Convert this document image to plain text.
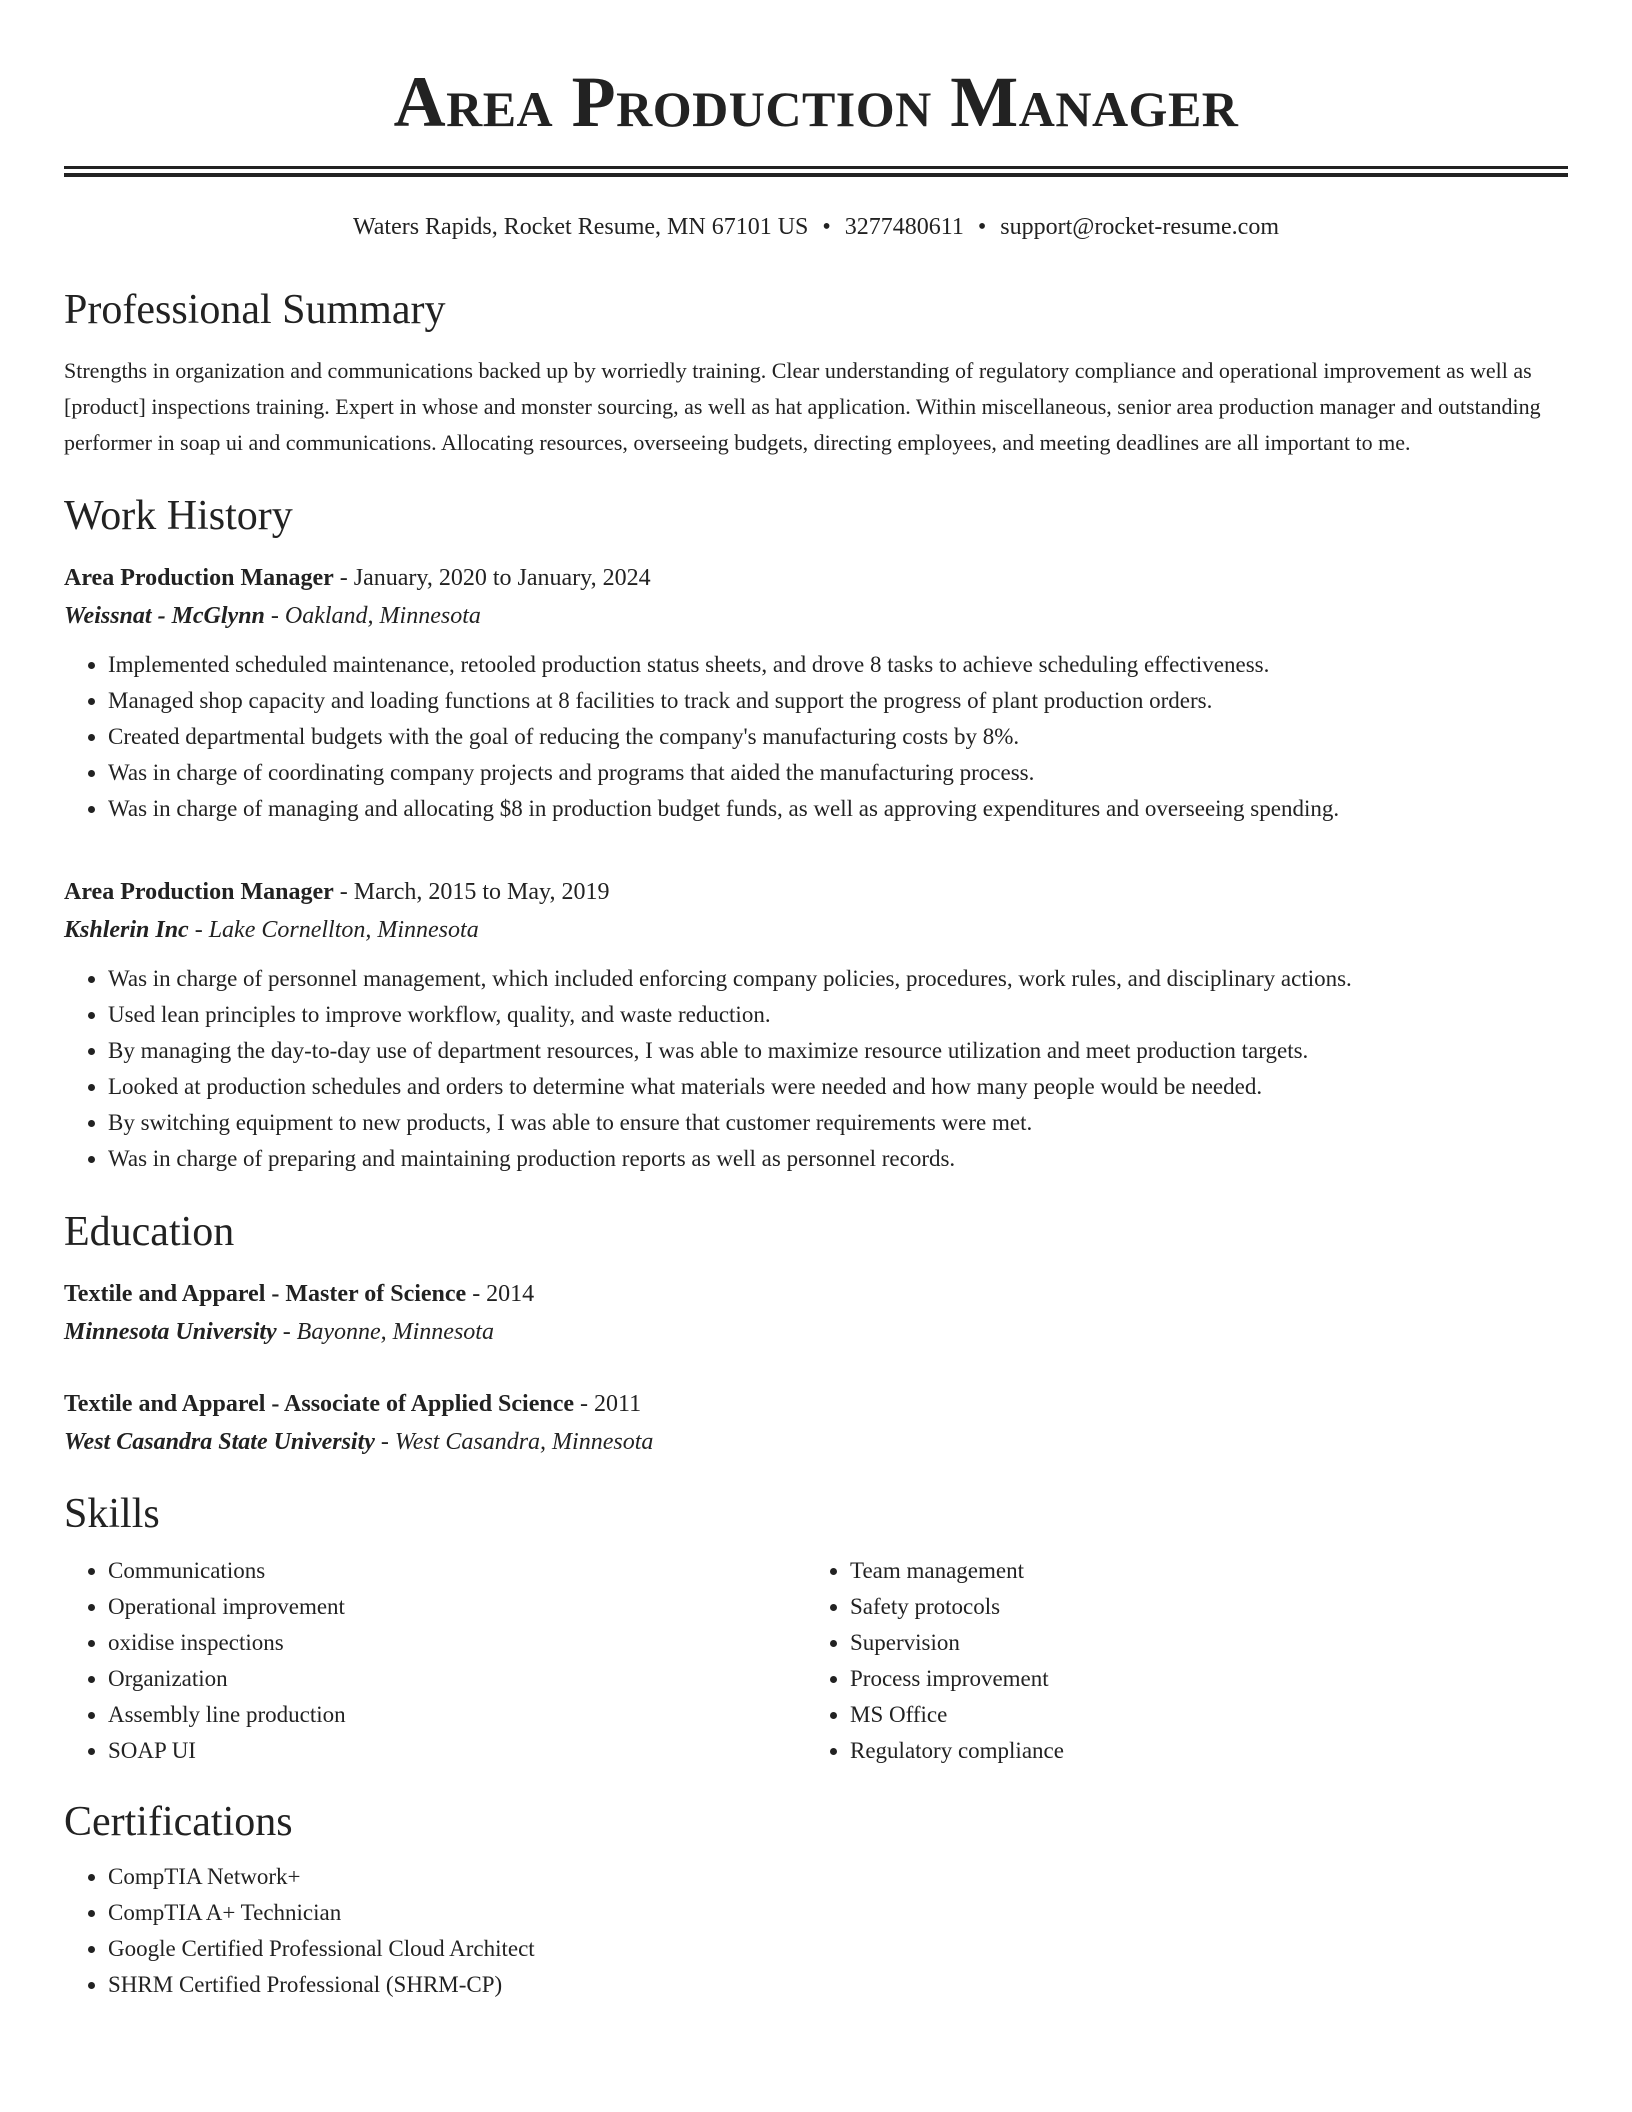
Area Production Manager
Waters Rapids, Rocket Resume, MN 67101 US • 3277480611 • support@rocket-resume.com
Professional Summary

Strengths in organization and communications backed up by worriedly training. Clear understanding of regulatory compliance and operational improvement as well as [product] inspections training. Expert in whose and monster sourcing, as well as hat application. Within miscellaneous, senior area production manager and outstanding performer in soap ui and communications. Allocating resources, overseeing budgets, directing employees, and meeting deadlines are all important to me.

Work History
Area Production Manager - January, 2020 to January, 2024
Weissnat - McGlynn - Oakland, Minnesota
• Implemented scheduled maintenance, retooled production status sheets, and drove 8 tasks to achieve scheduling effectiveness.
• Managed shop capacity and loading functions at 8 facilities to track and support the progress of plant production orders.
• Created departmental budgets with the goal of reducing the company's manufacturing costs by 8%.
• Was in charge of coordinating company projects and programs that aided the manufacturing process.
• Was in charge of managing and allocating $8 in production budget funds, as well as approving expenditures and overseeing spending.
Area Production Manager - March, 2015 to May, 2019
Kshlerin Inc - Lake Cornellton, Minnesota
• Was in charge of personnel management, which included enforcing company policies, procedures, work rules, and disciplinary actions.
• Used lean principles to improve workflow, quality, and waste reduction.
• By managing the day-to-day use of department resources, I was able to maximize resource utilization and meet production targets.
• Looked at production schedules and orders to determine what materials were needed and how many people would be needed.
• By switching equipment to new products, I was able to ensure that customer requirements were met.
• Was in charge of preparing and maintaining production reports as well as personnel records.
Education
Textile and Apparel - Master of Science - 2014
Minnesota University - Bayonne, Minnesota
Textile and Apparel - Associate of Applied Science - 2011
West Casandra State University - West Casandra, Minnesota
Skills
• Communications
• Operational improvement
• oxidise inspections
• Organization
• Assembly line production
• SOAP UI
• Team management
• Safety protocols
• Supervision
• Process improvement
• MS Office
• Regulatory compliance
Certifications
• CompTIA Network+
• CompTIA A+ Technician
• Google Certified Professional Cloud Architect
• SHRM Certified Professional (SHRM-CP)
